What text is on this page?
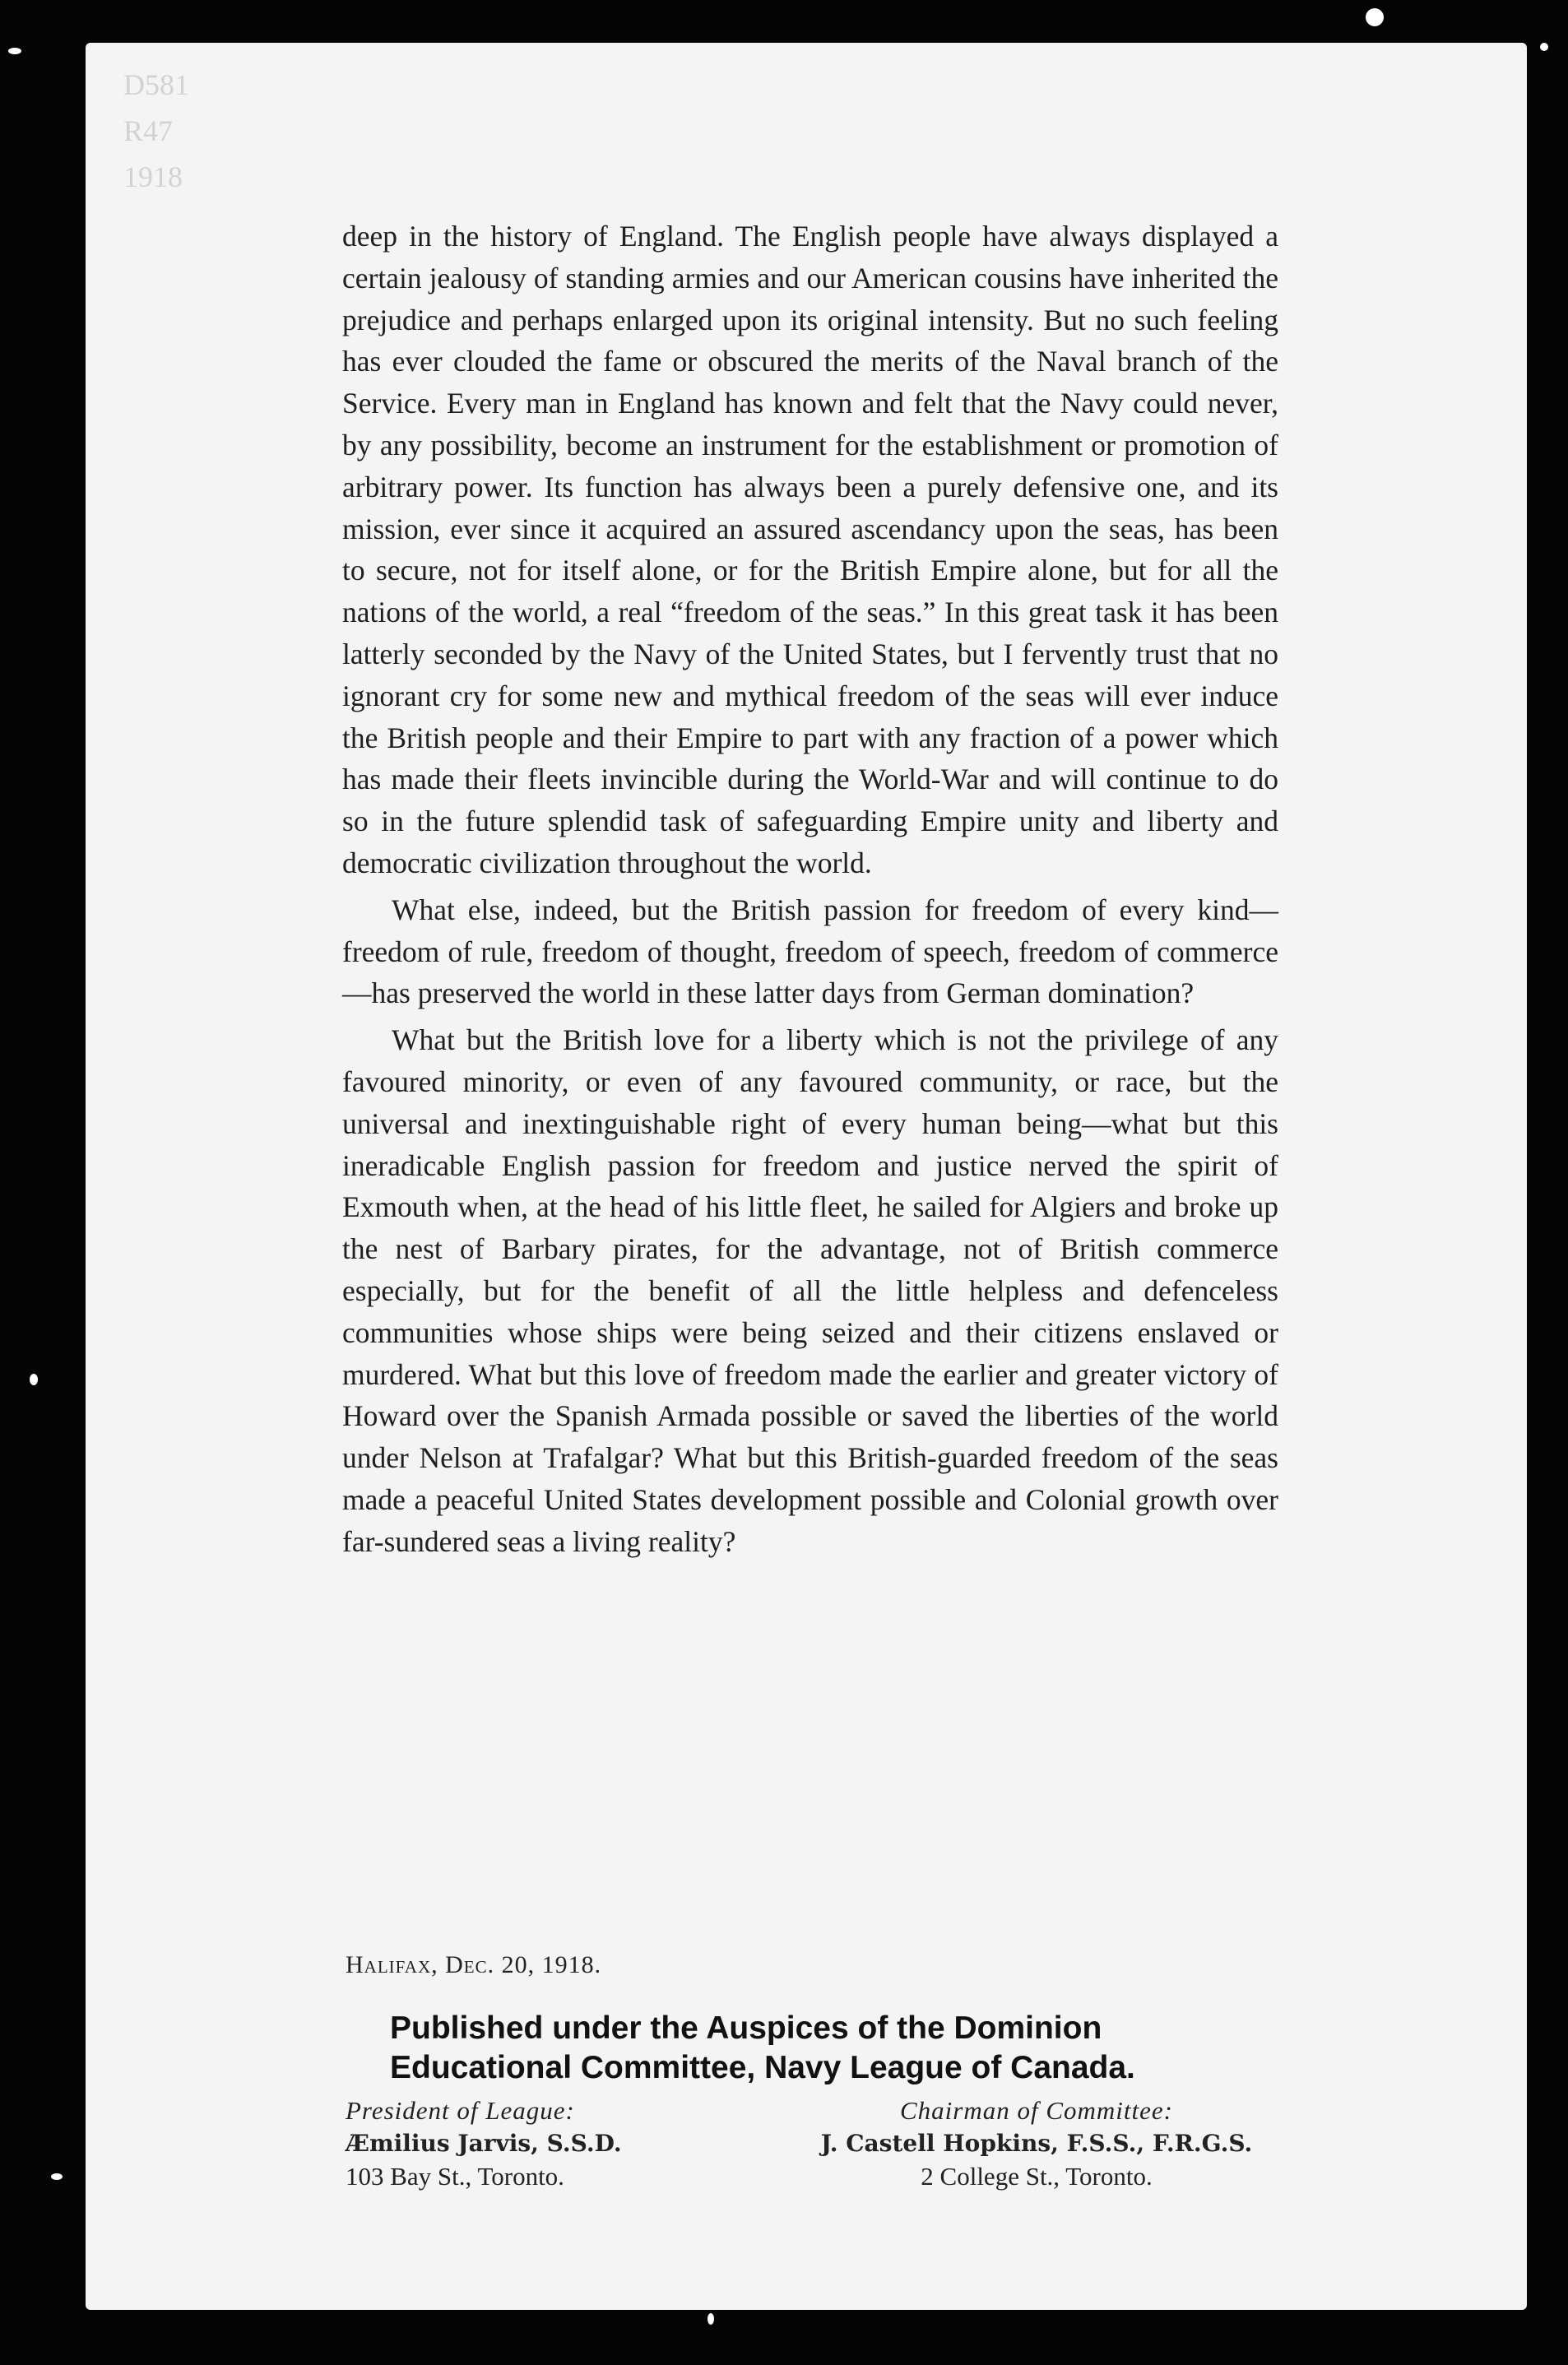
D581
R47
1918

deep in the history of England. The English people have always displayed a certain jealousy of standing armies and our American cousins have inherited the prejudice and perhaps enlarged upon its original intensity. But no such feeling has ever clouded the fame or obscured the merits of the Naval branch of the Service. Every man in England has known and felt that the Navy could never, by any possibility, become an instrument for the establishment or promotion of arbitrary power. Its function has always been a purely defensive one, and its mission, ever since it acquired an assured ascendancy upon the seas, has been to secure, not for itself alone, or for the British Empire alone, but for all the nations of the world, a real “freedom of the seas.” In this great task it has been latterly seconded by the Navy of the United States, but I fervently trust that no ignorant cry for some new and mythical freedom of the seas will ever induce the British people and their Empire to part with any fraction of a power which has made their fleets invincible during the World-War and will continue to do so in the future splendid task of safeguarding Empire unity and liberty and democratic civilization throughout the world.

What else, indeed, but the British passion for freedom of every kind—freedom of rule, freedom of thought, freedom of speech, freedom of commerce—has preserved the world in these latter days from German domination?

What but the British love for a liberty which is not the privilege of any favoured minority, or even of any favoured community, or race, but the universal and inextinguishable right of every human being—what but this ineradicable English passion for freedom and justice nerved the spirit of Exmouth when, at the head of his little fleet, he sailed for Algiers and broke up the nest of Barbary pirates, for the advantage, not of British commerce especially, but for the benefit of all the little helpless and defenceless communities whose ships were being seized and their citizens enslaved or murdered. What but this love of freedom made the earlier and greater victory of Howard over the Spanish Armada possible or saved the liberties of the world under Nelson at Trafalgar? What but this British-guarded freedom of the seas made a peaceful United States development possible and Colonial growth over far-sundered seas a living reality?

Halifax, Dec. 20, 1918.
Published under the Auspices of the Dominion
Educational Committee, Navy League of Canada.
President of League:
Æmilius Jarvis, S.S.D.
103 Bay St., Toronto.
Chairman of Committee:
J. Castell Hopkins, F.S.S., F.R.G.S.
2 College St., Toronto.
